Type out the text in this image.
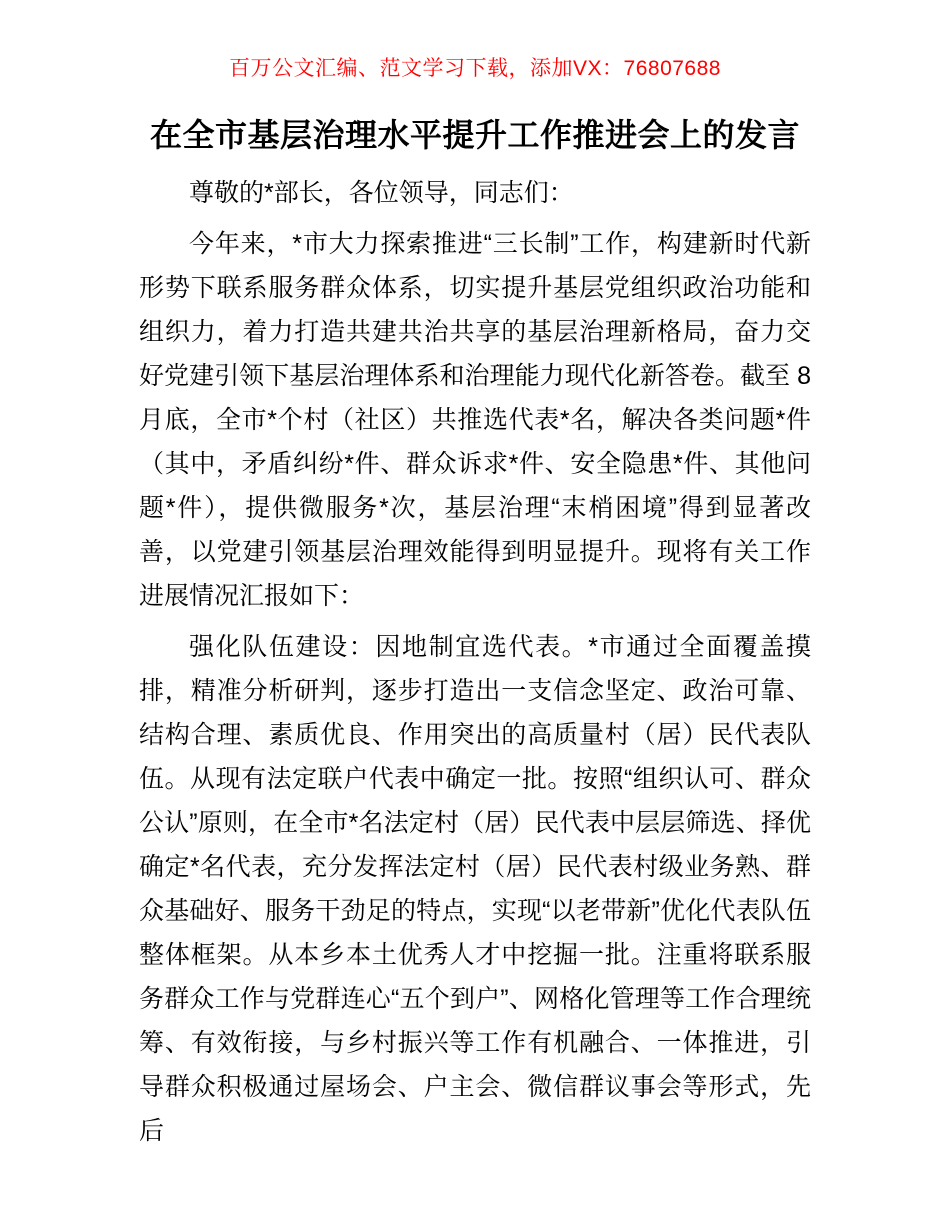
百万公文汇编、范文学习下载，添加VX：76807688
在全市基层治理水平提升工作推进会上的发言

尊敬的*部长，各位领导，同志们：

今年来，*市大力探索推进“三长制”工作，构建新时代新形势下联系服务群众体系，切实提升基层党组织政治功能和组织力，着力打造共建共治共享的基层治理新格局，奋力交好党建引领下基层治理体系和治理能力现代化新答卷。截至 8 月底，全市*个村（社区）共推选代表*名，解决各类问题*件（其中，矛盾纠纷*件、群众诉求*件、安全隐患*件、其他问题*件），提供微服务*次，基层治理“末梢困境”得到显著改善，以党建引领基层治理效能得到明显提升。现将有关工作进展情况汇报如下：

强化队伍建设：因地制宜选代表。*市通过全面覆盖摸排，精准分析研判，逐步打造出一支信念坚定、政治可靠、结构合理、素质优良、作用突出的高质量村（居）民代表队伍。从现有法定联户代表中确定一批。按照“组织认可、群众公认”原则，在全市*名法定村（居）民代表中层层筛选、择优确定*名代表，充分发挥法定村（居）民代表村级业务熟、群众基础好、服务干劲足的特点，实现“以老带新”优化代表队伍整体框架。从本乡本土优秀人才中挖掘一批。注重将联系服务群众工作与党群连心“五个到户”、网格化管理等工作合理统筹、有效衔接，与乡村振兴等工作有机融合、一体推进，引导群众积极通过屋场会、户主会、微信群议事会等形式，先后
